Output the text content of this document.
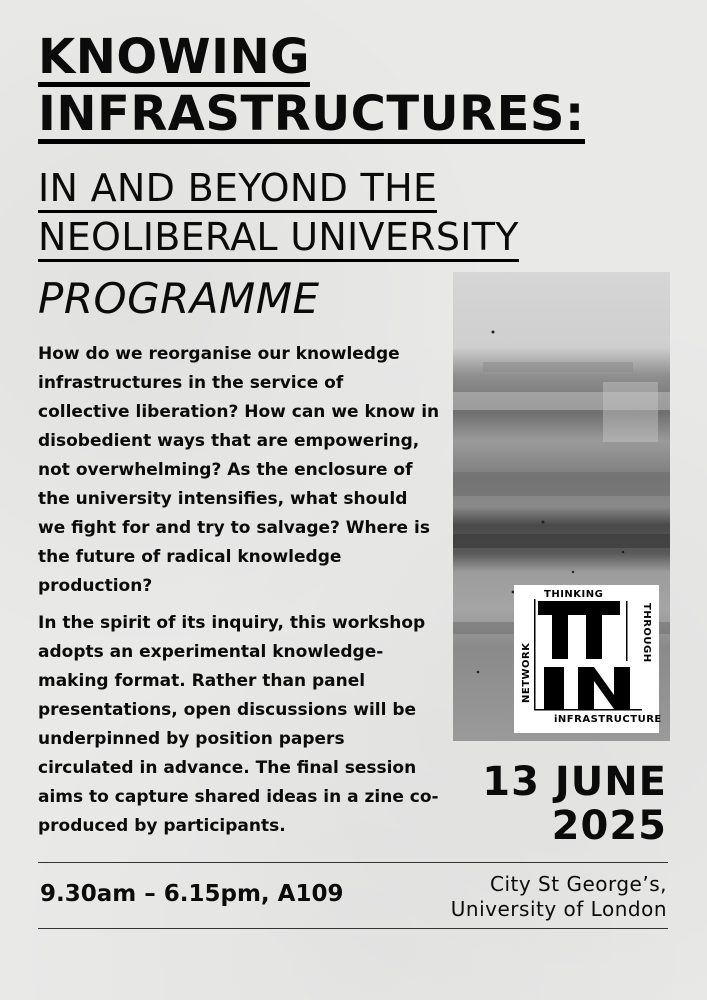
KNOWING
INFRASTRUCTURES:
IN AND BEYOND THE
NEOLIBERAL UNIVERSITY
PROGRAMME

How do we reorganise our knowledge infrastructures in the service of collective liberation? How can we know in disobedient ways that are empowering, not overwhelming? As the enclosure of the university intensifies, what should we fight for and try to salvage? Where is the future of radical knowledge production?

In the spirit of its inquiry, this workshop adopts an experimental knowledge-making format. Rather than panel presentations, open discussions will be underpinned by position papers circulated in advance. The final session aims to capture shared ideas in a zine co-produced by participants.

THINKING
THROUGH
NETWORK
iNFRASTRUCTURE
13 JUNE
2025
9.30am – 6.15pm, A109	City St George’s,
University of London
